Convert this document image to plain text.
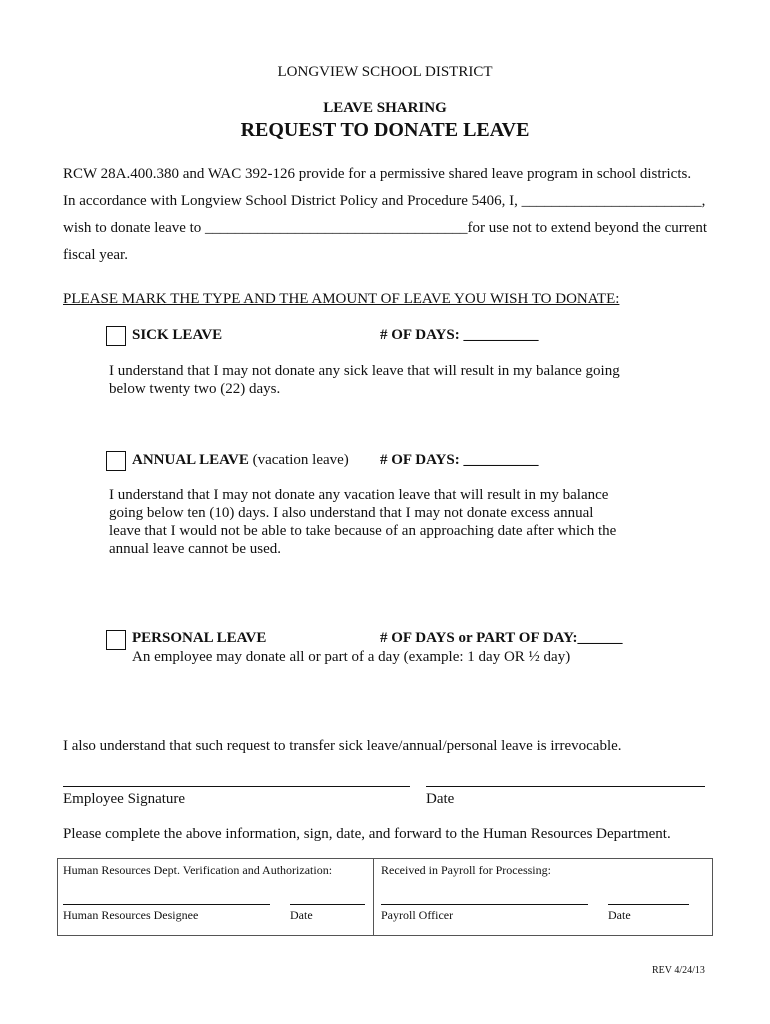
LONGVIEW SCHOOL DISTRICT
LEAVE SHARING
REQUEST TO DONATE LEAVE
RCW 28A.400.380 and WAC 392-126 provide for a permissive shared leave program in school districts.
In accordance with Longview School District Policy and Procedure 5406, I, ________________________,
wish to donate leave to ___________________________________for use not to extend beyond the current
fiscal year.
PLEASE MARK THE TYPE AND THE AMOUNT OF LEAVE YOU WISH TO DONATE:
SICK LEAVE	# OF DAYS: __________
I understand that I may not donate any sick leave that will result in my balance going
below twenty two (22) days.
ANNUAL LEAVE (vacation leave) # OF DAYS: __________
I understand that I may not donate any vacation leave that will result in my balance
going below ten (10) days. I also understand that I may not donate excess annual
leave that I would not be able to take because of an approaching date after which the
annual leave cannot be used.
PERSONAL LEAVE	# OF DAYS or PART OF DAY:______
An employee may donate all or part of a day (example: 1 day OR ½ day)
I also understand that such request to transfer sick leave/annual/personal leave is irrevocable.
Employee Signature	Date
Please complete the above information, sign, date, and forward to the Human Resources Department.
Human Resources Dept. Verification and Authorization:	Received in Payroll for Processing:
Human Resources Designee	Date	Payroll Officer	Date
REV 4/24/13
